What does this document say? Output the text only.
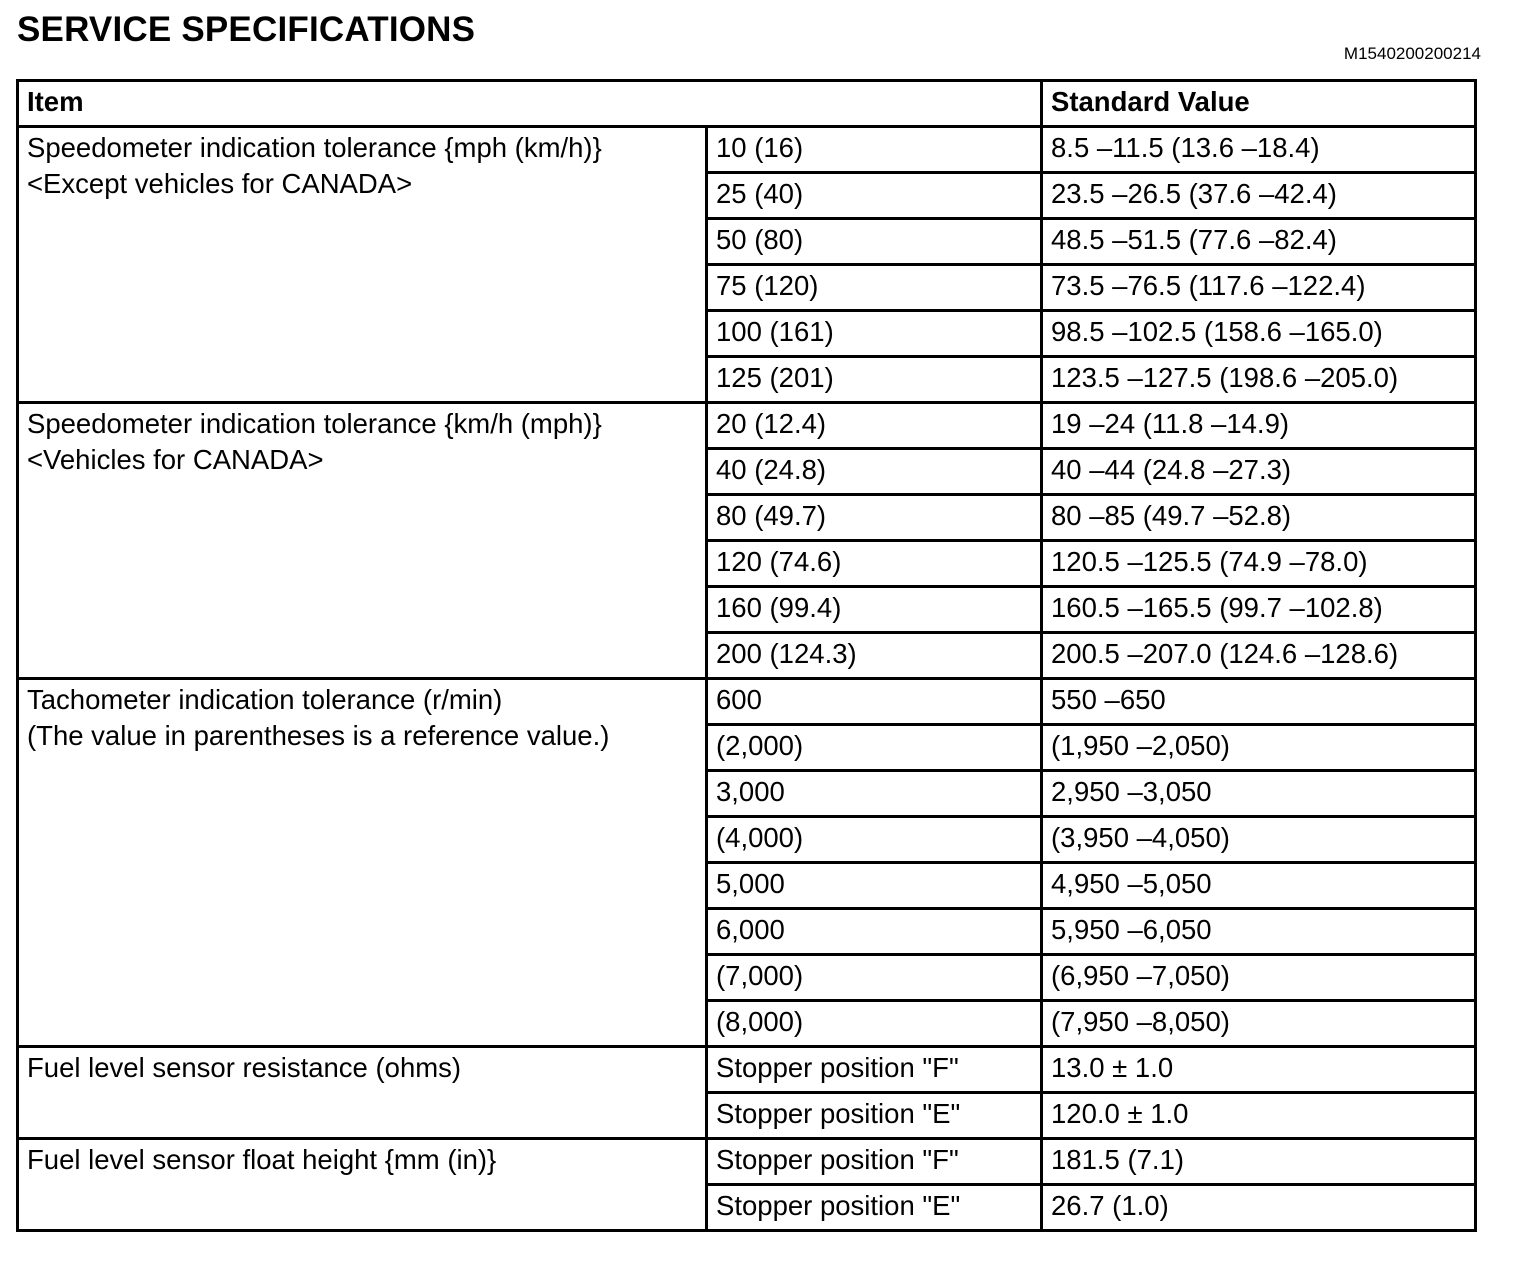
SERVICE SPECIFICATIONS
M1540200200214
Item		Standard Value

Speedometer indication tolerance {mph (km/h)}
<Except vehicles for CANADA>	10 (16)	8.5 –11.5 (13.6 –18.4)
	25 (40)	23.5 –26.5 (37.6 –42.4)
	50 (80)	48.5 –51.5 (77.6 –82.4)
	75 (120)	73.5 –76.5 (117.6 –122.4)
	100 (161)	98.5 –102.5 (158.6 –165.0)
	125 (201)	123.5 –127.5 (198.6 –205.0)

Speedometer indication tolerance {km/h (mph)}
<Vehicles for CANADA>	20 (12.4)	19 –24 (11.8 –14.9)
	40 (24.8)	40 –44 (24.8 –27.3)
	80 (49.7)	80 –85 (49.7 –52.8)
	120 (74.6)	120.5 –125.5 (74.9 –78.0)
	160 (99.4)	160.5 –165.5 (99.7 –102.8)
	200 (124.3)	200.5 –207.0 (124.6 –128.6)

Tachometer indication tolerance (r/min)
(The value in parentheses is a reference value.)	600	550 –650
	(2,000)	(1,950 –2,050)
	3,000	2,950 –3,050
	(4,000)	(3,950 –4,050)
	5,000	4,950 –5,050
	6,000	5,950 –6,050
	(7,000)	(6,950 –7,050)
	(8,000)	(7,950 –8,050)

Fuel level sensor resistance (ohms)	Stopper position "F"	13.0 ± 1.0
	Stopper position "E"	120.0 ± 1.0

Fuel level sensor float height {mm (in)}	Stopper position "F"	181.5 (7.1)
	Stopper position "E"	26.7 (1.0)
